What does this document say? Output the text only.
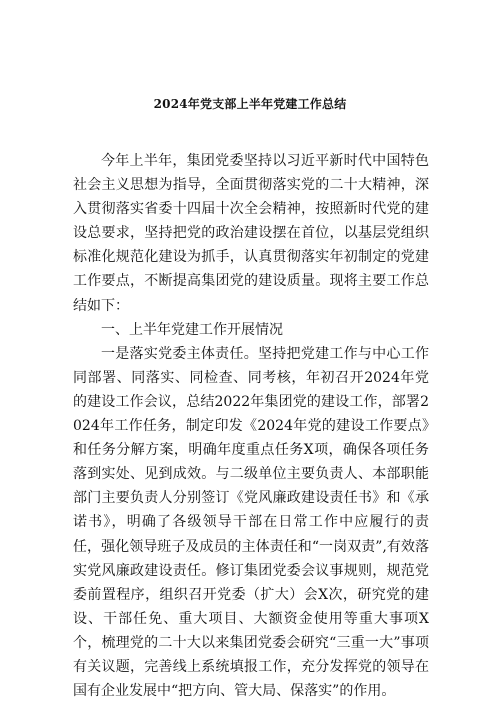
2024年党支部上半年党建工作总结

今年上半年，集团党委坚持以习近平新时代中国特色社会主义思想为指导，全面贯彻落实党的二十大精神，深入贯彻落实省委十四届十次全会精神，按照新时代党的建设总要求，坚持把党的政治建设摆在首位，以基层党组织标准化规范化建设为抓手，认真贯彻落实年初制定的党建工作要点，不断提高集团党的建设质量。现将主要工作总结如下：

一、上半年党建工作开展情况

一是落实党委主体责任。坚持把党建工作与中心工作同部署、同落实、同检查、同考核，年初召开2024年党的建设工作会议，总结2022年集团党的建设工作，部署2024年工作任务，制定印发《2024年党的建设工作要点》和任务分解方案，明确年度重点任务X项，确保各项任务落到实处、见到成效。与二级单位主要负责人、本部职能部门主要负责人分别签订《党风廉政建设责任书》和《承诺书》，明确了各级领导干部在日常工作中应履行的责任，强化领导班子及成员的主体责任和“一岗双责”,有效落实党风廉政建设责任。修订集团党委会议事规则，规范党委前置程序，组织召开党委（扩大）会X次，研究党的建设、干部任免、重大项目、大额资金使用等重大事项X个，梳理党的二十大以来集团党委会研究“三重一大”事项有关议题，完善线上系统填报工作，充分发挥党的领导在国有企业发展中“把方向、管大局、保落实”的作用。
